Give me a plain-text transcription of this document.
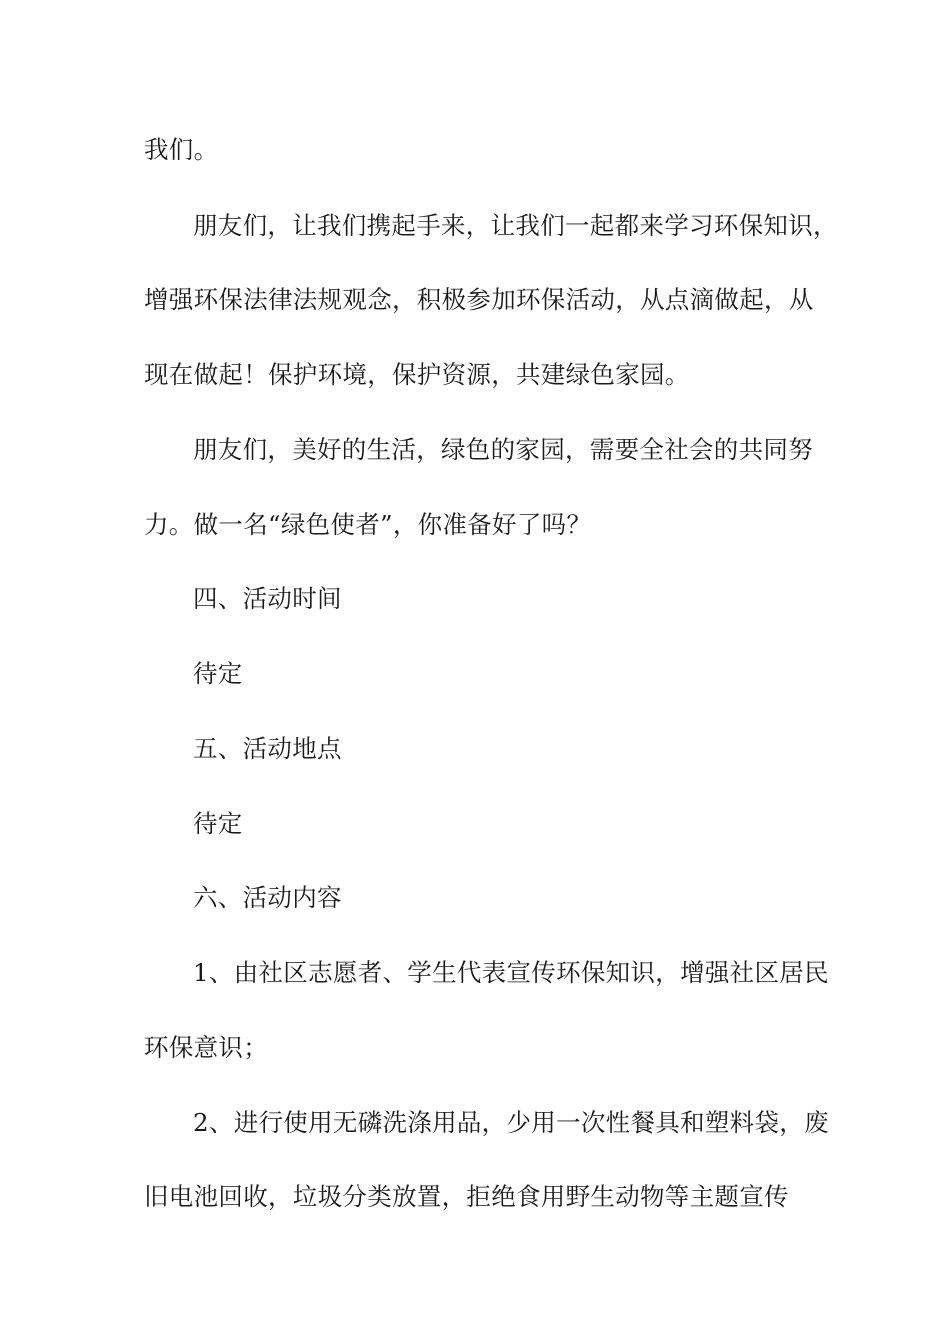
我们。
朋友们，让我们携起手来，让我们一起都来学习环保知识，
增强环保法律法规观念，积极参加环保活动，从点滴做起，从
现在做起！保护环境，保护资源，共建绿色家园。
朋友们，美好的生活，绿色的家园，需要全社会的共同努
力。做一名“绿色使者”，你准备好了吗？
四、活动时间
待定
五、活动地点
待定
六、活动内容
1、由社区志愿者、学生代表宣传环保知识，增强社区居民
环保意识；
2、进行使用无磷洗涤用品，少用一次性餐具和塑料袋，废
旧电池回收，垃圾分类放置，拒绝食用野生动物等主题宣传
